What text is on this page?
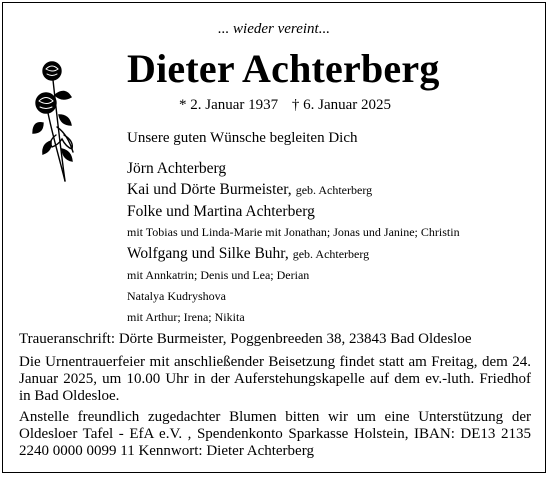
... wieder vereint...
Dieter Achterberg
* 2. Januar 1937 † 6. Januar 2025
Unsere guten Wünsche begleiten Dich
Jörn Achterberg
Kai und Dörte Burmeister, geb. Achterberg
Folke und Martina Achterberg
mit Tobias und Linda-Marie mit Jonathan; Jonas und Janine; Christin
Wolfgang und Silke Buhr, geb. Achterberg
mit Annkatrin; Denis und Lea; Derian
Natalya Kudryshova
mit Arthur; Irena; Nikita
Traueranschrift: Dörte Burmeister, Poggenbreeden 38, 23843 Bad Oldesloe
Die Urnentrauerfeier mit anschließender Beisetzung findet statt am Freitag, dem 24. Januar 2025, um 10.00 Uhr in der Auferstehungskapelle auf dem ev.-luth. Friedhof in Bad Oldesloe.
Anstelle freundlich zugedachter Blumen bitten wir um eine Unterstützung der Oldesloer Tafel - EfA e.V. , Spendenkonto Sparkasse Holstein, IBAN: DE13 2135 2240 0000 0099 11 Kennwort: Dieter Achterberg
